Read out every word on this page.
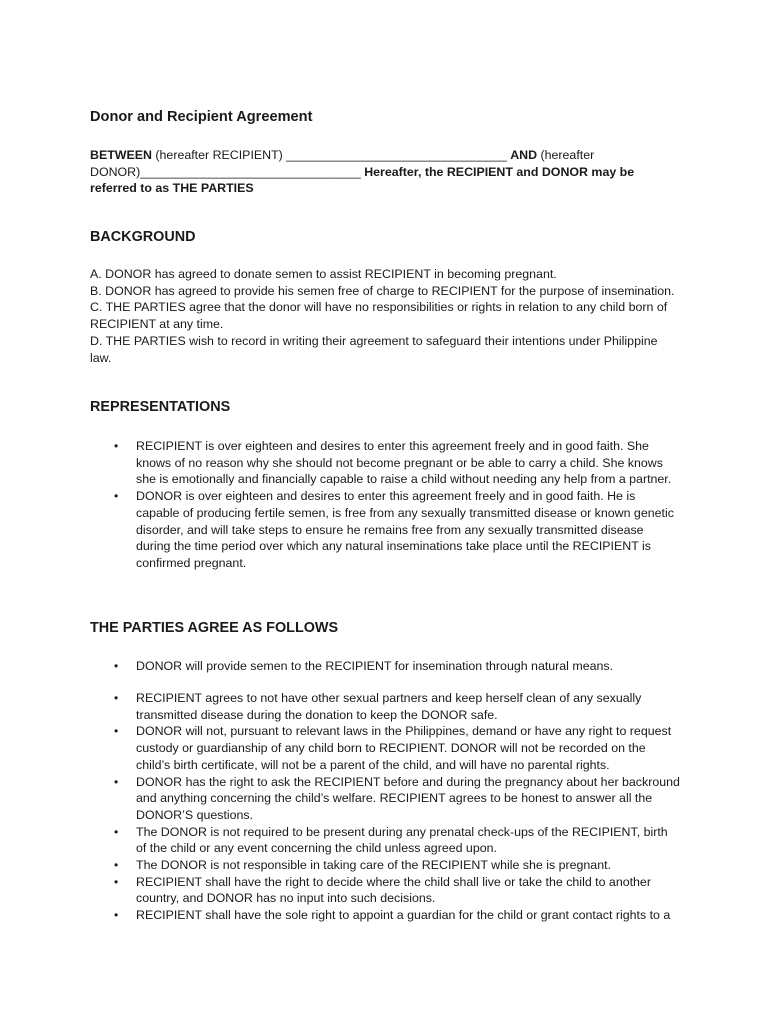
Donor and Recipient Agreement

BETWEEN (hereafter RECIPIENT) ________________________________ AND (hereafter DONOR)________________________________ Hereafter, the RECIPIENT and DONOR may be referred to as THE PARTIES

BACKGROUND

A. DONOR has agreed to donate semen to assist RECIPIENT in becoming pregnant.

B. DONOR has agreed to provide his semen free of charge to RECIPIENT for the purpose of insemination.

C. THE PARTIES agree that the donor will have no responsibilities or rights in relation to any child born of RECIPIENT at any time.

D. THE PARTIES wish to record in writing their agreement to safeguard their intentions under Philippine law.

REPRESENTATIONS
• RECIPIENT is over eighteen and desires to enter this agreement freely and in good faith. She knows of no reason why she should not become pregnant or be able to carry a child. She knows she is emotionally and financially capable to raise a child without needing any help from a partner.
• DONOR is over eighteen and desires to enter this agreement freely and in good faith. He is capable of producing fertile semen, is free from any sexually transmitted disease or known genetic disorder, and will take steps to ensure he remains free from any sexually transmitted disease during the time period over which any natural inseminations take place until the RECIPIENT is confirmed pregnant.
THE PARTIES AGREE AS FOLLOWS
• DONOR will provide semen to the RECIPIENT for insemination through natural means.
• RECIPIENT agrees to not have other sexual partners and keep herself clean of any sexually transmitted disease during the donation to keep the DONOR safe.
• DONOR will not, pursuant to relevant laws in the Philippines, demand or have any right to request custody or guardianship of any child born to RECIPIENT. DONOR will not be recorded on the child’s birth certificate, will not be a parent of the child, and will have no parental rights.
• DONOR has the right to ask the RECIPIENT before and during the pregnancy about her backround and anything concerning the child’s welfare. RECIPIENT agrees to be honest to answer all the DONOR’S questions.
• The DONOR is not required to be present during any prenatal check-ups of the RECIPIENT, birth of the child or any event concerning the child unless agreed upon.
• The DONOR is not responsible in taking care of the RECIPIENT while she is pregnant.
• RECIPIENT shall have the right to decide where the child shall live or take the child to another country, and DONOR has no input into such decisions.
• RECIPIENT shall have the sole right to appoint a guardian for the child or grant contact rights to a
